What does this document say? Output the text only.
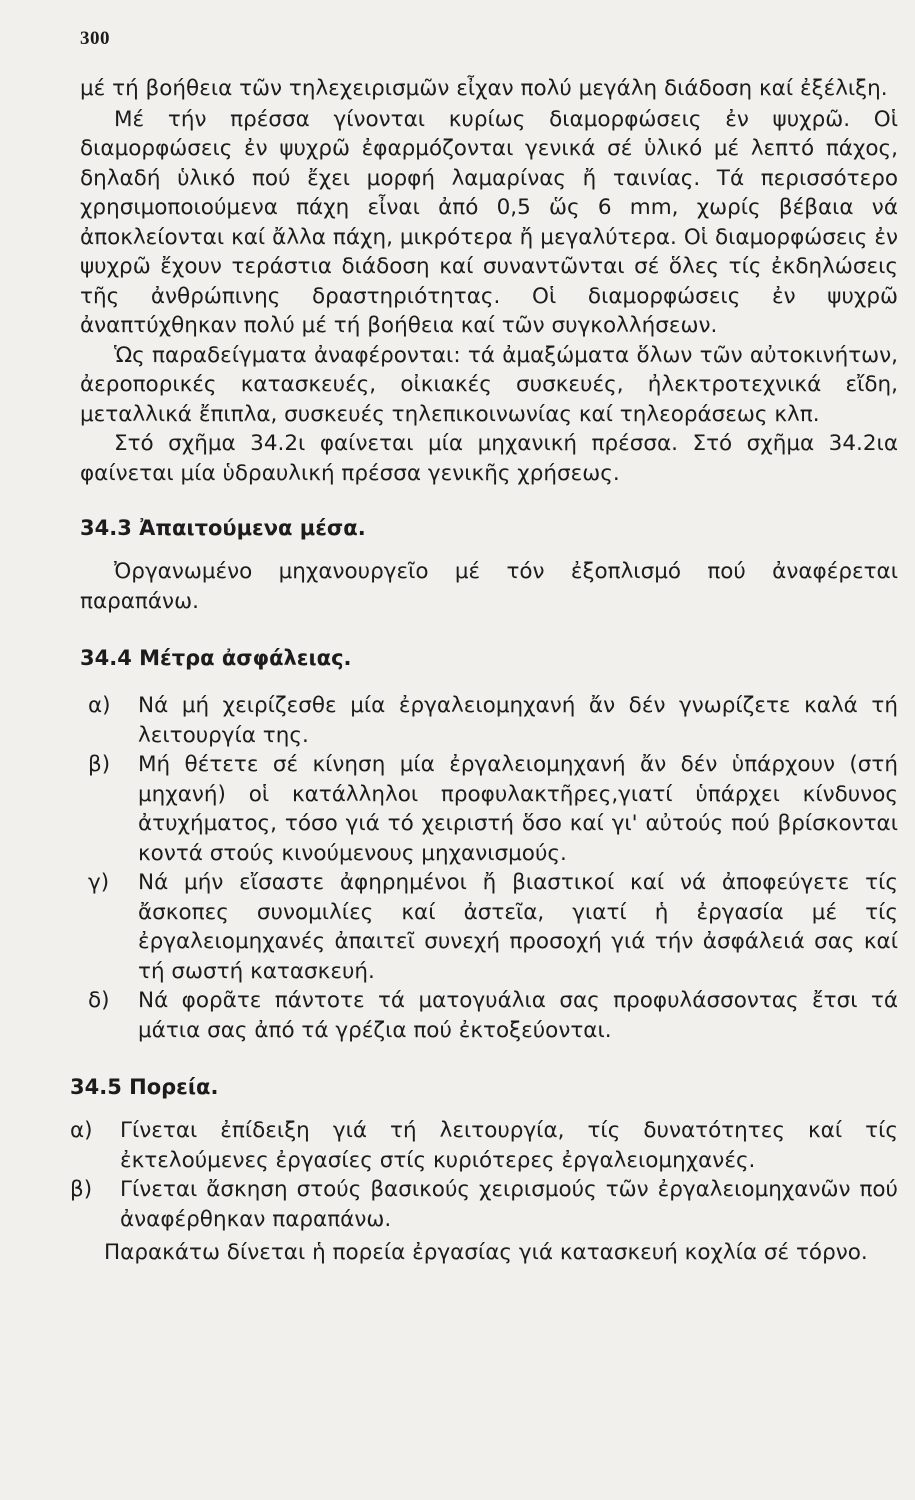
300

μέ τή βοήθεια τῶν τηλεχειρισμῶν εἶχαν πολύ μεγάλη διάδοση καί ἐξέλιξη.

Μέ τήν πρέσσα γίνονται κυρίως διαμορφώσεις ἐν ψυχρῶ. Οἱ διαμορφώσεις ἐν ψυχρῶ ἐφαρμόζονται γενικά σέ ὑλικό μέ λεπτό πάχος, δηλαδή ὑλικό πού ἔχει μορφή λαμαρίνας ἤ ταινίας. Τά περισσότερο χρησιμοποιούμενα πάχη εἶναι ἀπό 0,5 ὥς 6 mm, χωρίς βέβαια νά ἀποκλείονται καί ἄλλα πάχη, μικρότερα ἤ μεγαλύτερα. Οἱ διαμορφώσεις ἐν ψυχρῶ ἔχουν τεράστια διάδοση καί συναντῶνται σέ ὅλες τίς ἐκδηλώσεις τῆς ἀνθρώπινης δραστηριότητας. Οἱ διαμορφώσεις ἐν ψυχρῶ ἀναπτύχθηκαν πολύ μέ τή βοήθεια καί τῶν συγκολλήσεων.

Ὡς παραδείγματα ἀναφέρονται: τά ἀμαξώματα ὅλων τῶν αὐτοκινήτων, ἀεροπορικές κατασκευές, οἰκιακές συσκευές, ἠλεκτροτεχνικά εἴδη, μεταλλικά ἔπιπλα, συσκευές τηλεπικοινωνίας καί τηλεοράσεως κλπ.

Στό σχῆμα 34.2ι φαίνεται μία μηχανική πρέσσα. Στό σχῆμα 34.2ια φαίνεται μία ὑδραυλική πρέσσα γενικῆς χρήσεως.

34.3 Ἀπαιτούμενα μέσα.

Ὀργανωμένο μηχανουργεῖο μέ τόν ἐξοπλισμό πού ἀναφέρεται παραπάνω.

34.4 Μέτρα ἀσφάλειας.
α)	Νά μή χειρίζεσθε μία ἐργαλειομηχανή ἄν δέν γνωρίζετε καλά τή λειτουργία της.
β)	Μή θέτετε σέ κίνηση μία ἐργαλειομηχανή ἄν δέν ὑπάρχουν (στή μηχανή) οἱ κατάλληλοι προφυλακτῆρες,γιατί ὑπάρχει κίνδυνος ἀτυχήματος, τόσο γιά τό χειριστή ὅσο καί γι' αὐτούς πού βρίσκονται κοντά στούς κινούμενους μηχανισμούς.
γ)	Νά μήν εἴσαστε ἀφηρημένοι ἤ βιαστικοί καί νά ἀποφεύγετε τίς ἄσκοπες συνομιλίες καί ἀστεῖα, γιατί ἡ ἐργασία μέ τίς ἐργαλειομηχανές ἀπαιτεῖ συνεχή προσοχή γιά τήν ἀσφάλειά σας καί τή σωστή κατασκευή.
δ)	Νά φορᾶτε πάντοτε τά ματογυάλια σας προφυλάσσοντας ἔτσι τά μάτια σας ἀπό τά γρέζια πού ἐκτοξεύονται.
34.5 Πορεία.
α)	Γίνεται ἐπίδειξη γιά τή λειτουργία, τίς δυνατότητες καί τίς ἐκτελούμενες ἐργασίες στίς κυριότερες ἐργαλειομηχανές.
β)	Γίνεται ἄσκηση στούς βασικούς χειρισμούς τῶν ἐργαλειομηχανῶν πού ἀναφέρθηκαν παραπάνω.

Παρακάτω δίνεται ἡ πορεία ἐργασίας γιά κατασκευή κοχλία σέ τόρνο.
